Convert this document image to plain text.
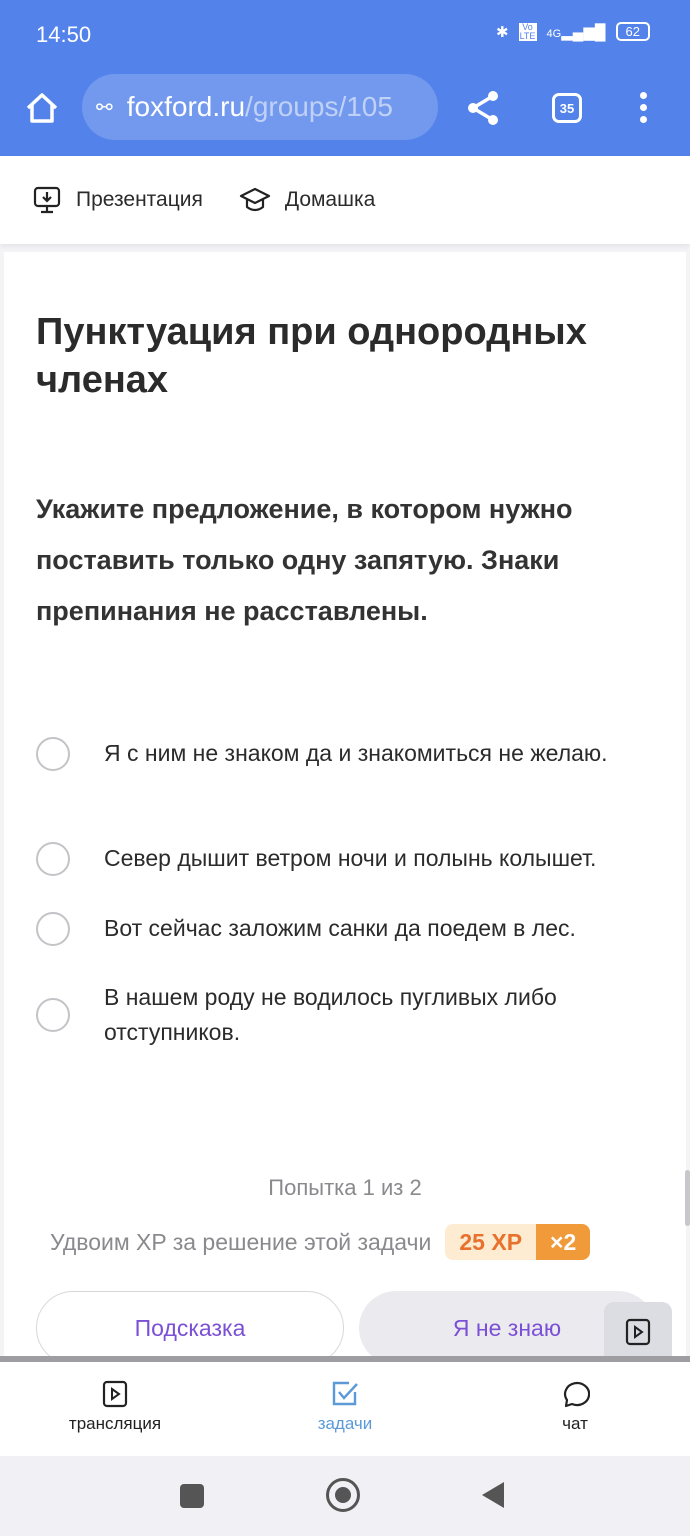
14:50	✱	Vo LTE 4G▂▄▆█	62
⚯ foxford.ru /groups/105	35
Презентация	Домашка
Пунктуация при однородных членах
Укажите предложение, в котором нужно поставить только одну запятую. Знаки препинания не расставлены.
Я с ним не знаком да и знакомиться не желаю.
Север дышит ветром ночи и полынь колышет.
Вот сейчас заложим санки да поедем в лес.
В нашем роду не водилось пугливых либо отступников.
Попытка 1 из 2
Удвоим XP за решение этой задачи	25 XP	×2
Подсказка	Я не знаю
трансляция	задачи	чат
